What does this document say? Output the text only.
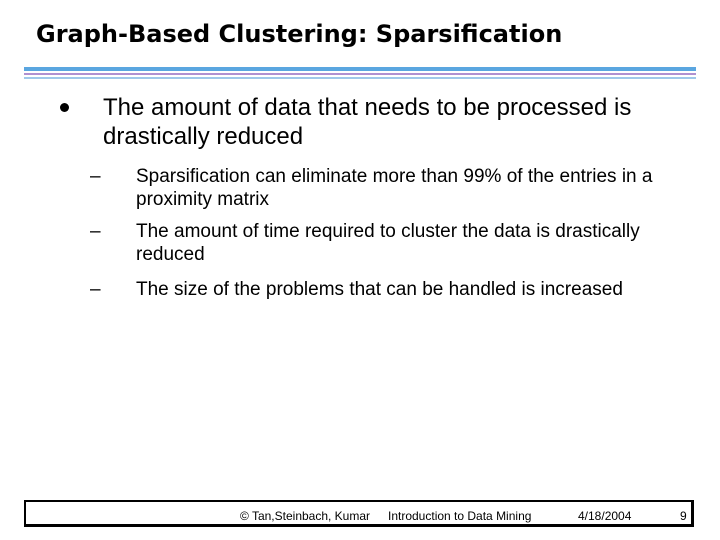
Graph-Based Clustering: Sparsification
The amount of data that needs to be processed is drastically reduced
– Sparsification can eliminate more than 99% of the entries in a proximity matrix
– The amount of time required to cluster the data is drastically reduced
– The size of the problems that can be handled is increased
© Tan,Steinbach, Kumar Introduction to Data Mining	4/18/2004	9
